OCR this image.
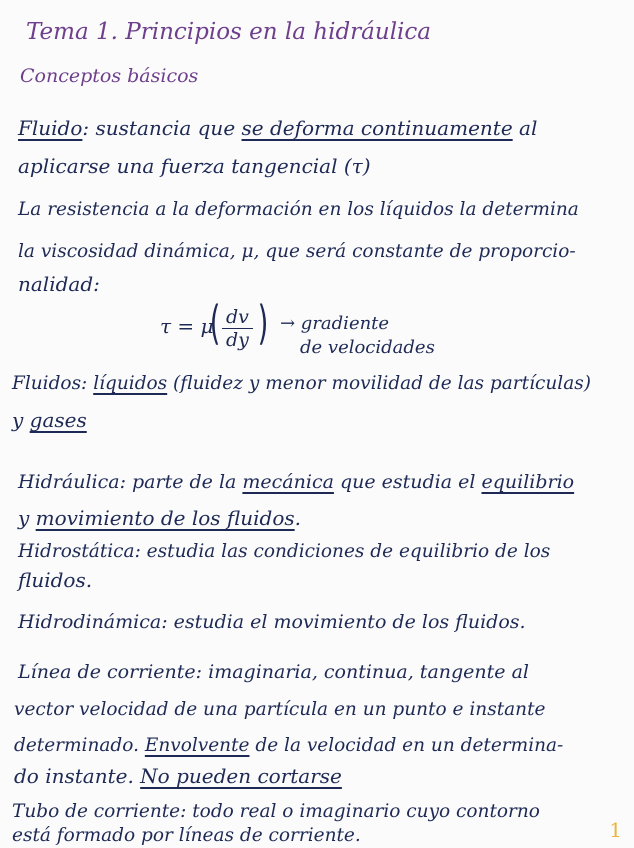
Tema 1. Principios en la hidráulica
Conceptos básicos
Fluido: sustancia que se deforma continuamente al
aplicarse una fuerza tangencial (τ)
La resistencia a la deformación en los líquidos la determina
la viscosidad dinámica, μ, que será constante de proporcio-
nalidad:
τ = μ
( $\frac{dv}{dy}$ ) → gradiente
de velocidades
Fluidos: líquidos (fluidez y menor movilidad de las partículas)
y gases
Hidráulica: parte de la mecánica que estudia el equilibrio
y movimiento de los fluidos.
Hidrostática: estudia las condiciones de equilibrio de los
fluidos.
Hidrodinámica: estudia el movimiento de los fluidos.
Línea de corriente: imaginaria, continua, tangente al
vector velocidad de una partícula en un punto e instante
determinado. Envolvente de la velocidad en un determina-
do instante. No pueden cortarse
Tubo de corriente: todo real o imaginario cuyo contorno
está formado por líneas de corriente.	1
